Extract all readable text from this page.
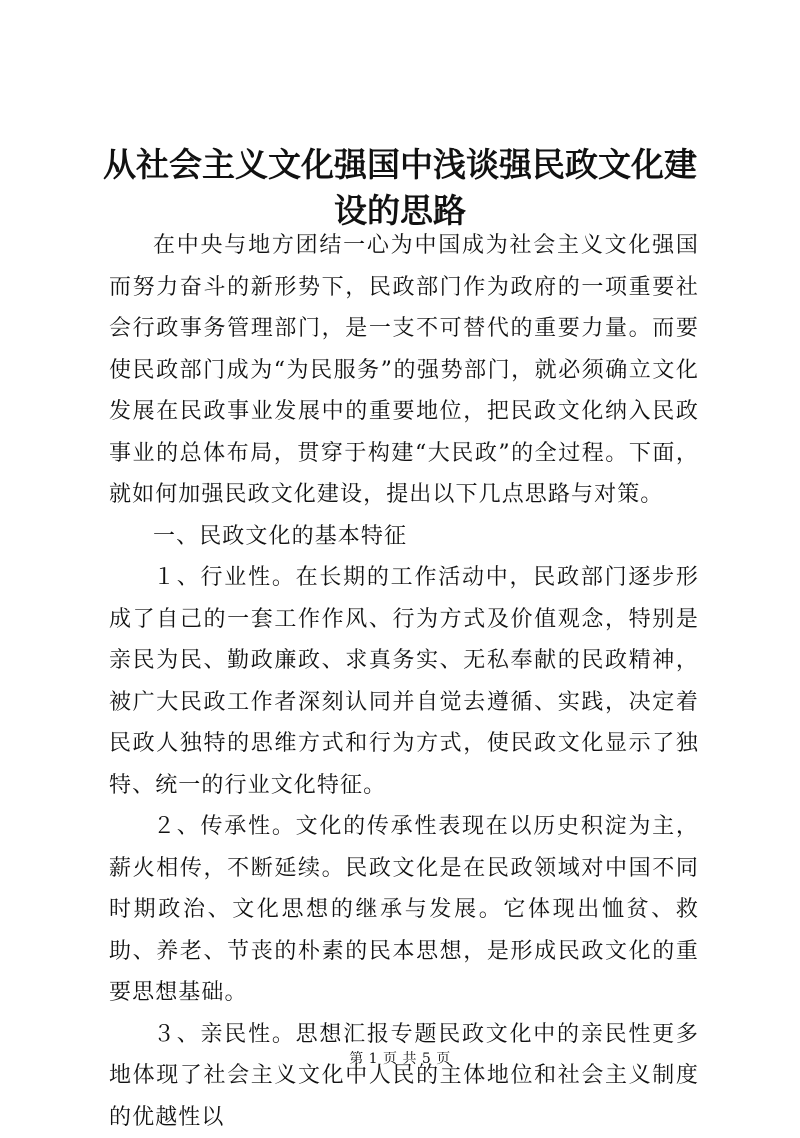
从社会主义文化强国中浅谈强民政文化建设的思路

在中央与地方团结一心为中国成为社会主义文化强国而努力奋斗的新形势下，民政部门作为政府的一项重要社会行政事务管理部门，是一支不可替代的重要力量。而要使民政部门成为“为民服务”的强势部门，就必须确立文化发展在民政事业发展中的重要地位，把民政文化纳入民政事业的总体布局，贯穿于构建“大民政”的全过程。下面，就如何加强民政文化建设，提出以下几点思路与对策。

一、民政文化的基本特征

１、行业性。在长期的工作活动中，民政部门逐步形成了自己的一套工作作风、行为方式及价值观念，特别是亲民为民、勤政廉政、求真务实、无私奉献的民政精神，被广大民政工作者深刻认同并自觉去遵循、实践，决定着民政人独特的思维方式和行为方式，使民政文化显示了独特、统一的行业文化特征。

２、传承性。文化的传承性表现在以历史积淀为主，薪火相传，不断延续。民政文化是在民政领域对中国不同时期政治、文化思想的继承与发展。它体现出恤贫、救助、养老、节丧的朴素的民本思想，是形成民政文化的重要思想基础。

３、亲民性。思想汇报专题民政文化中的亲民性更多地体现了社会主义文化中人民的主体地位和社会主义制度的优越性以

第 1 页 共 5 页
